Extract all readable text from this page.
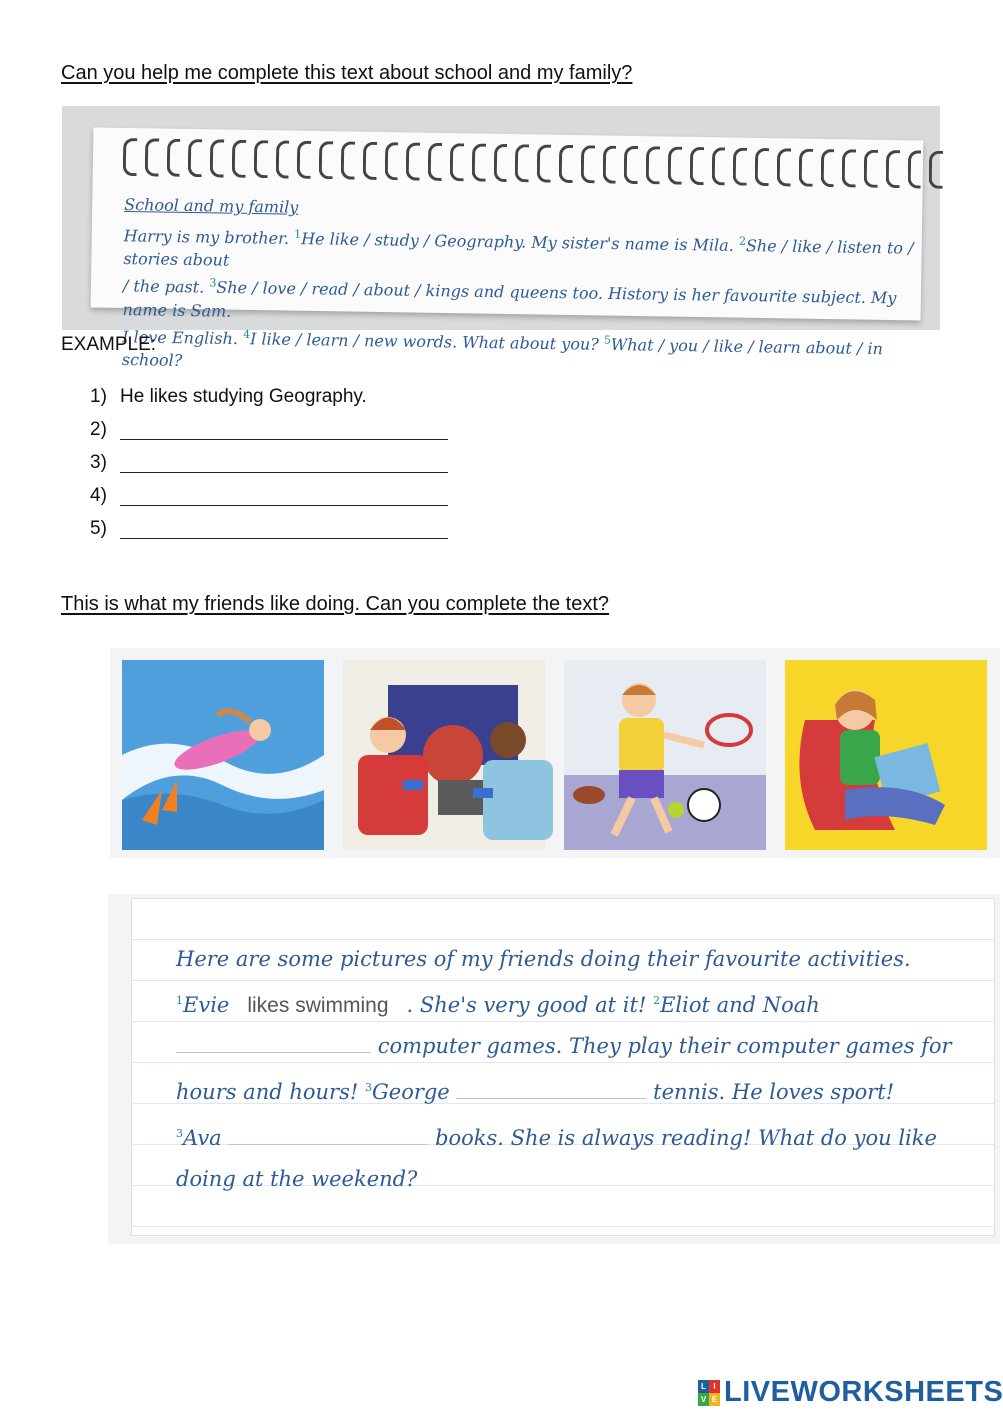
Can you help me complete this text about school and my family?
School and my family
Harry is my brother. $^1$He like / study / Geography. My sister's name is Mila. $^2$She / like / listen to / stories about
/ the past. $^3$She / love / read / about / kings and queens too. History is her favourite subject. My name is Sam.
I love English. $^4$I like / learn / new words. What about you? $^5$What / you / like / learn about / in school?
EXAMPLE:
1) He likes studying Geography.
2)
3)
4)
5)
This is what my friends like doing. Can you complete the text?
Here are some pictures of my friends doing their favourite activities.
$^1$Evie likes swimming . She's very good at it! $^2$Eliot and Noah
computer games. They play their computer games for
hours and hours! $^3$George	tennis. He loves sport!
$^3$Ava	books. She is always reading! What do you like
doing at the weekend?
L I
V E LIVEWORKSHEETS
